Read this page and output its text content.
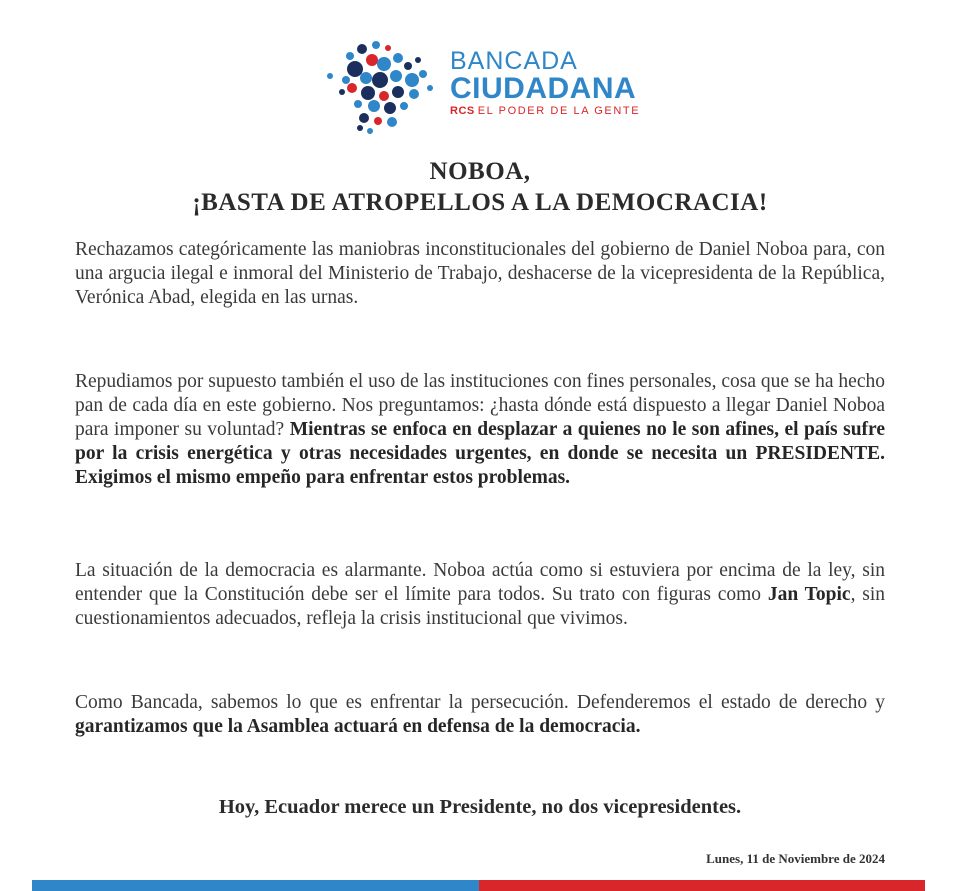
BANCADA
CIUDADANA
RCS EL PODER DE LA GENTE
NOBOA,
¡BASTA DE ATROPELLOS A LA DEMOCRACIA!
Rechazamos categóricamente las maniobras inconstitucionales del gobierno de Daniel Noboa para, con una argucia ilegal e inmoral del Ministerio de Trabajo, deshacerse de la vicepresidenta de la República, Verónica Abad, elegida en las urnas.
Repudiamos por supuesto también el uso de las instituciones con fines personales, cosa que se ha hecho pan de cada día en este gobierno. Nos preguntamos: ¿hasta dónde está dispuesto a llegar Daniel Noboa para imponer su voluntad? Mientras se enfoca en desplazar a quienes no le son afines, el país sufre por la crisis energética y otras necesidades urgentes, en donde se necesita un PRESIDENTE. Exigimos el mismo empeño para enfrentar estos problemas.
La situación de la democracia es alarmante. Noboa actúa como si estuviera por encima de la ley, sin entender que la Constitución debe ser el límite para todos. Su trato con figuras como Jan Topic, sin cuestionamientos adecuados, refleja la crisis institucional que vivimos.
Como Bancada, sabemos lo que es enfrentar la persecución. Defenderemos el estado de derecho y garantizamos que la Asamblea actuará en defensa de la democracia.
Hoy, Ecuador merece un Presidente, no dos vicepresidentes.
Lunes, 11 de Noviembre de 2024
